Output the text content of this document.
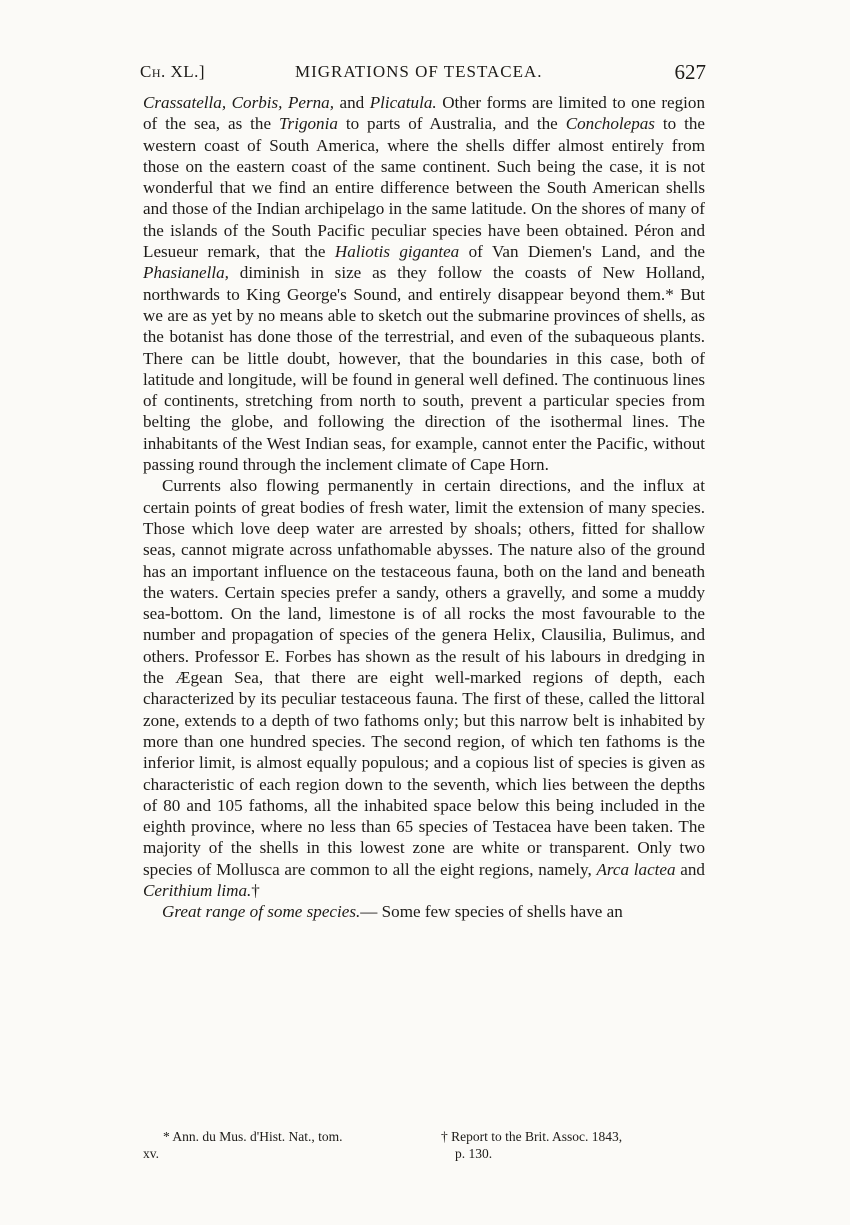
Ch. XL.]	MIGRATIONS OF TESTACEA.	627

Crassatella, Corbis, Perna, and Plicatula. Other forms are limited to one region of the sea, as the Trigonia to parts of Australia, and the Concholepas to the western coast of South America, where the shells differ almost entirely from those on the eastern coast of the same continent. Such being the case, it is not wonderful that we find an entire difference between the South American shells and those of the Indian archipelago in the same latitude. On the shores of many of the islands of the South Pacific peculiar species have been obtained. Péron and Lesueur remark, that the Haliotis gigantea of Van Diemen's Land, and the Phasianella, diminish in size as they follow the coasts of New Holland, northwards to King George's Sound, and entirely disappear beyond them.* But we are as yet by no means able to sketch out the submarine provinces of shells, as the botanist has done those of the terrestrial, and even of the subaqueous plants. There can be little doubt, however, that the boundaries in this case, both of latitude and longitude, will be found in general well defined. The continuous lines of continents, stretching from north to south, prevent a particular species from belting the globe, and following the direction of the isothermal lines. The inhabitants of the West Indian seas, for example, cannot enter the Pacific, without passing round through the inclement climate of Cape Horn.

Currents also flowing permanently in certain directions, and the influx at certain points of great bodies of fresh water, limit the extension of many species. Those which love deep water are arrested by shoals; others, fitted for shallow seas, cannot migrate across unfathomable abysses. The nature also of the ground has an important influence on the testaceous fauna, both on the land and beneath the waters. Certain species prefer a sandy, others a gravelly, and some a muddy sea-bottom. On the land, limestone is of all rocks the most favourable to the number and propagation of species of the genera Helix, Clausilia, Bulimus, and others. Professor E. Forbes has shown as the result of his labours in dredging in the Ægean Sea, that there are eight well-marked regions of depth, each characterized by its peculiar testaceous fauna. The first of these, called the littoral zone, extends to a depth of two fathoms only; but this narrow belt is inhabited by more than one hundred species. The second region, of which ten fathoms is the inferior limit, is almost equally populous; and a copious list of species is given as characteristic of each region down to the seventh, which lies between the depths of 80 and 105 fathoms, all the inhabited space below this being included in the eighth province, where no less than 65 species of Testacea have been taken. The majority of the shells in this lowest zone are white or transparent. Only two species of Mollusca are common to all the eight regions, namely, Arca lactea and Cerithium lima.†

Great range of some species.— Some few species of shells have an

* Ann. du Mus. d'Hist. Nat., tom.
xv.
† Report to the Brit. Assoc. 1843,
p. 130.
